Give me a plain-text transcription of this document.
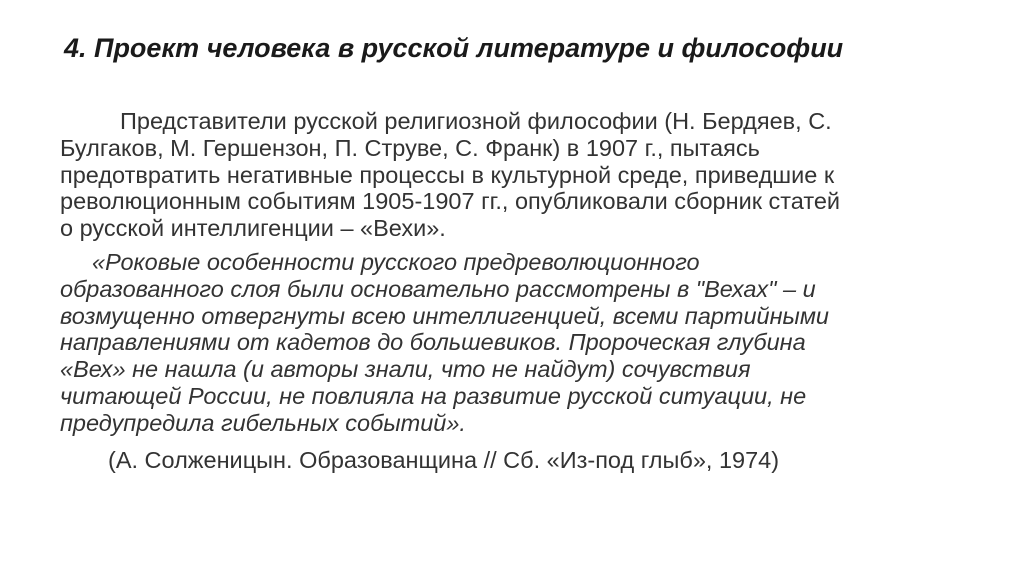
4. Проект человека в русской литературе и философии
Представители русской религиозной философии (Н. Бердяев, С.
Булгаков, М. Гершензон, П. Струве, С. Франк) в 1907 г., пытаясь
предотвратить негативные процессы в культурной среде, приведшие к
революционным событиям 1905-1907 гг., опубликовали сборник статей
о русской интеллигенции – «Вехи».
«Роковые особенности русского предреволюционного
образованного слоя были основательно рассмотрены в "Вехах" – и
возмущенно отвергнуты всею интеллигенцией, всеми партийными
направлениями от кадетов до большевиков. Пророческая глубина
«Вех» не нашла (и авторы знали, что не найдут) сочувствия
читающей России, не повлияла на развитие русской ситуации, не
предупредила гибельных событий».
(А. Солженицын. Образованщина // Сб. «Из-под глыб», 1974)
